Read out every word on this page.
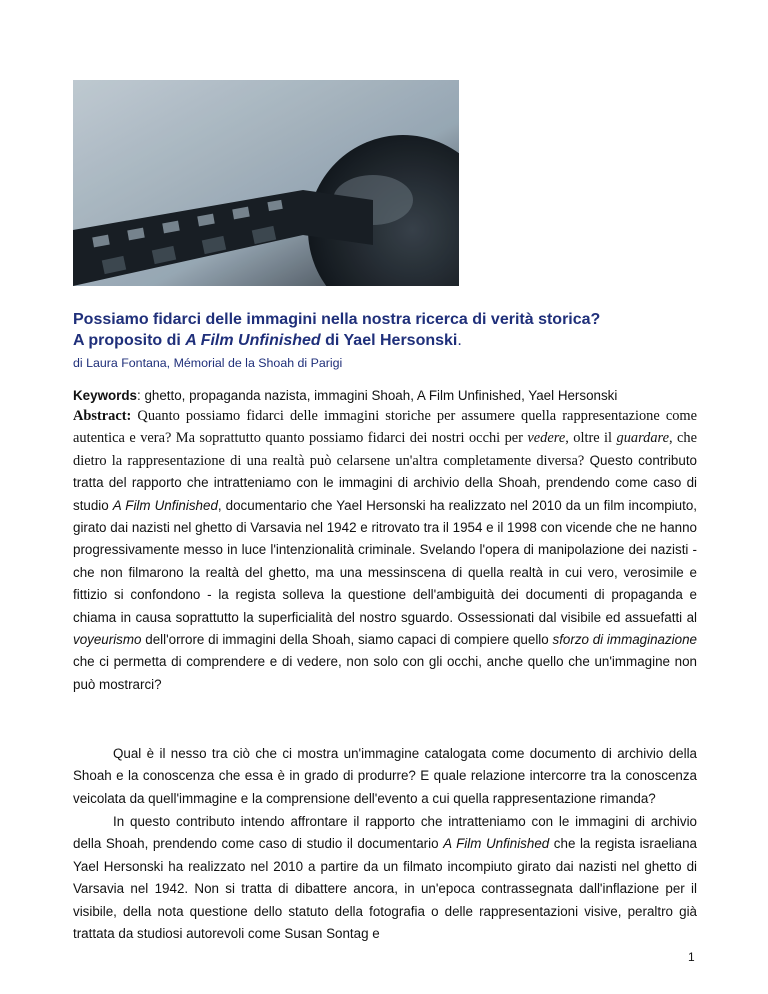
Possiamo fidarci delle immagini nella nostra ricerca di verità storica?
A proposito di A Film Unfinished di Yael Hersonski.
di Laura Fontana, Mémorial de la Shoah di Parigi
Keywords: ghetto, propaganda nazista, immagini Shoah, A Film Unfinished, Yael Hersonski

Abstract: Quanto possiamo fidarci delle immagini storiche per assumere quella rappresentazione come autentica e vera? Ma soprattutto quanto possiamo fidarci dei nostri occhi per vedere, oltre il guardare, che dietro la rappresentazione di una realtà può celarsene un'altra completamente diversa? Questo contributo tratta del rapporto che intratteniamo con le immagini di archivio della Shoah, prendendo come caso di studio A Film Unfinished, documentario che Yael Hersonski ha realizzato nel 2010 da un film incompiuto, girato dai nazisti nel ghetto di Varsavia nel 1942 e ritrovato tra il 1954 e il 1998 con vicende che ne hanno progressivamente messo in luce l'intenzionalità criminale. Svelando l'opera di manipolazione dei nazisti - che non filmarono la realtà del ghetto, ma una messinscena di quella realtà in cui vero, verosimile e fittizio si confondono - la regista solleva la questione dell'ambiguità dei documenti di propaganda e chiama in causa soprattutto la superficialità del nostro sguardo. Ossessionati dal visibile ed assuefatti al voyeurismo dell'orrore di immagini della Shoah, siamo capaci di compiere quello sforzo di immaginazione che ci permetta di comprendere e di vedere, non solo con gli occhi, anche quello che un'immagine non può mostrarci?

Qual è il nesso tra ciò che ci mostra un'immagine catalogata come documento di archivio della Shoah e la conoscenza che essa è in grado di produrre? E quale relazione intercorre tra la conoscenza veicolata da quell'immagine e la comprensione dell'evento a cui quella rappresentazione rimanda?

In questo contributo intendo affrontare il rapporto che intratteniamo con le immagini di archivio della Shoah, prendendo come caso di studio il documentario A Film Unfinished che la regista israeliana Yael Hersonski ha realizzato nel 2010 a partire da un filmato incompiuto girato dai nazisti nel ghetto di Varsavia nel 1942. Non si tratta di dibattere ancora, in un'epoca contrassegnata dall'inflazione per il visibile, della nota questione dello statuto della fotografia o delle rappresentazioni visive, peraltro già trattata da studiosi autorevoli come Susan Sontag e

1
